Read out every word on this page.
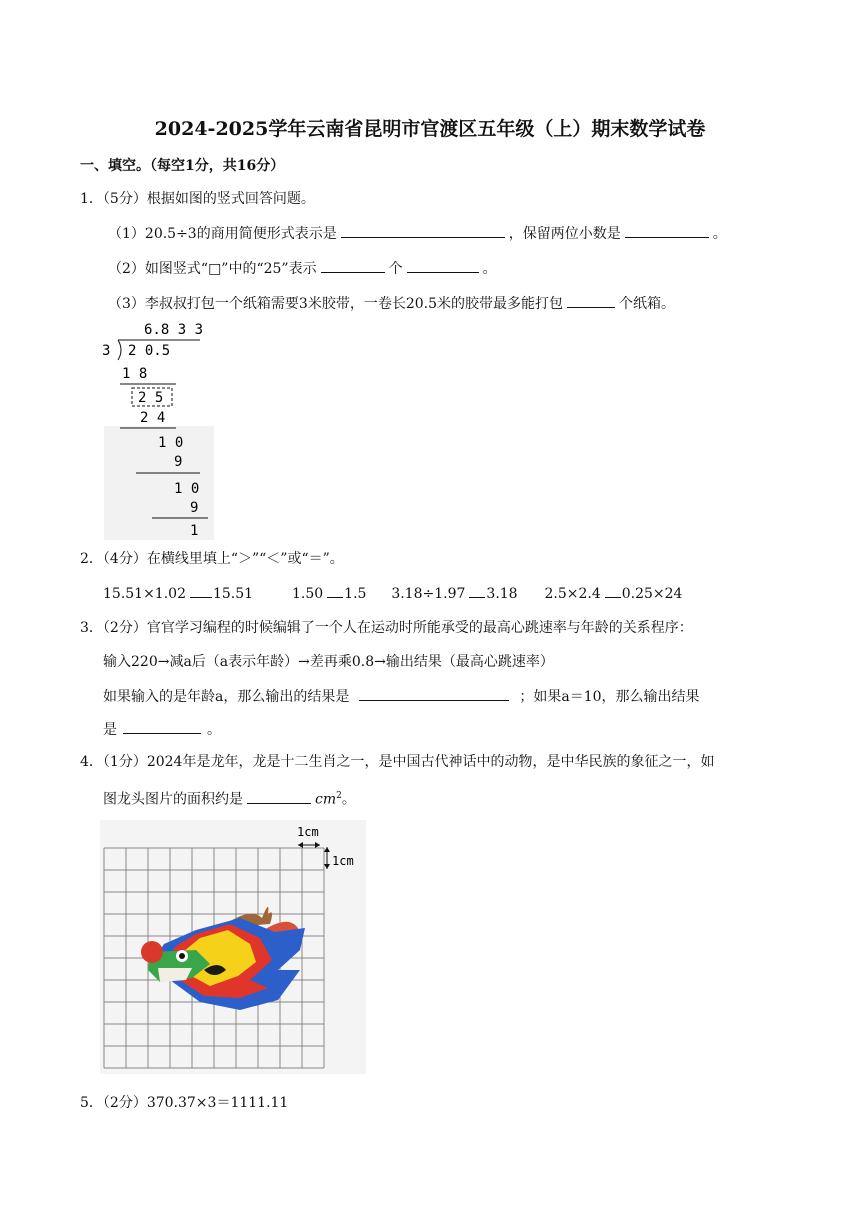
2024-2025学年云南省昆明市官渡区五年级（上）期末数学试卷
一、填空。（每空1分，共16分）
1．（5分）根据如图的竖式回答问题。
（1）20.5÷3的商用简便形式表示是	，保留两位小数是	。
（2）如图竖式“□”中的“25”表示	个	。
（3）李叔叔打包一个纸箱需要3米胶带，一卷长20.5米的胶带最多能打包	个纸箱。
6.8 3 3
3 2 0.5
1 8
2 5
2 4
1 0
9
1 0
9
1
2．（4分）在横线里填上“＞”“＜”或“＝”。
15.51×1.02 15.51	1.50 1.5 3.18÷1.97 3.18 2.5×2.4 0.25×24
3．（2分）官官学习编程的时候编辑了一个人在运动时所能承受的最高心跳速率与年龄的关系程序：
输入220→减a后（a表示年龄）→差再乘0.8→输出结果（最高心跳速率）
如果输入的是年龄a，那么输出的结果是	；如果a＝10，那么输出结果
是	。
4．（1分）2024年是龙年，龙是十二生肖之一，是中国古代神话中的动物，是中华民族的象征之一，如
图龙头图片的面积约是	$cm^2$。
1cm
1cm
5．（2分）370.37×3＝1111.11
